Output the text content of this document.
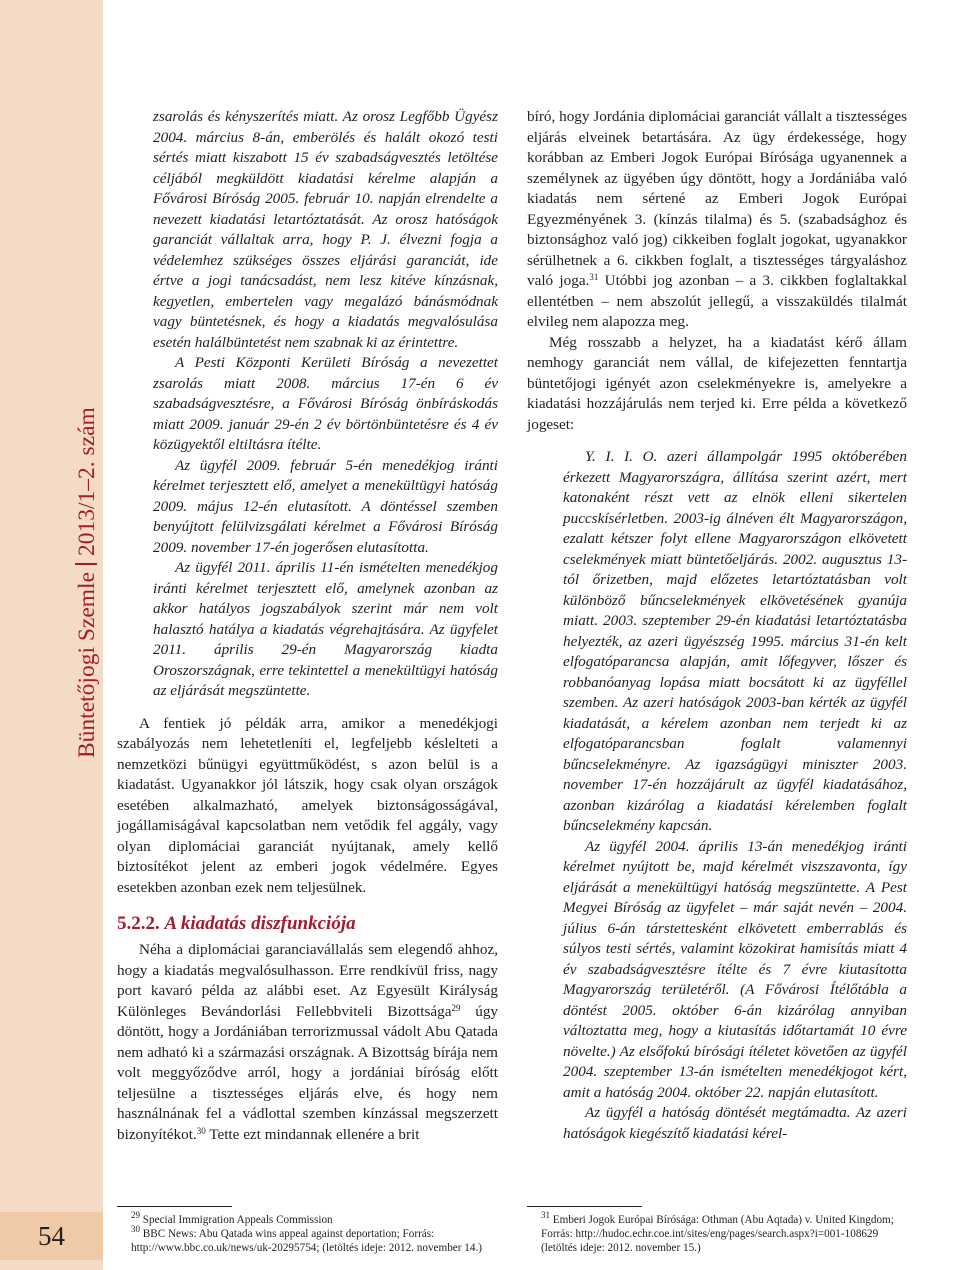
Büntetőjogi Szemle2013/1–2. szám
54

zsarolás és kényszerítés miatt. Az orosz Legfőbb Ügyész 2004. március 8-án, emberölés és halált okozó testi sértés miatt kiszabott 15 év szabadságvesztés letöltése céljából megküldött kiadatási kérelme alapján a Fővárosi Bíróság 2005. február 10. napján elrendelte a nevezett kiadatási letartóztatását. Az orosz hatóságok garanciát vállaltak arra, hogy P. J. élvezni fogja a védelemhez szükséges összes eljárási garanciát, ide értve a jogi tanácsadást, nem lesz kitéve kínzásnak, kegyetlen, embertelen vagy megalázó bánásmódnak vagy büntetésnek, és hogy a kiadatás megvalósulása esetén halálbüntetést nem szabnak ki az érintettre.

A Pesti Központi Kerületi Bíróság a nevezettet zsarolás miatt 2008. március 17-én 6 év szabadságvesztésre, a Fővárosi Bíróság önbíráskodás miatt 2009. január 29-én 2 év börtönbüntetésre és 4 év közügyektől eltiltásra ítélte.

Az ügyfél 2009. február 5-én menedékjog iránti kérelmet terjesztett elő, amelyet a menekültügyi hatóság 2009. május 12-én elutasított. A döntéssel szemben benyújtott felülvizsgálati kérelmet a Fővárosi Bíróság 2009. november 17-én jogerősen elutasította.

Az ügyfél 2011. április 11-én ismételten menedékjog iránti kérelmet terjesztett elő, amelynek azonban az akkor hatályos jogszabályok szerint már nem volt halasztó hatálya a kiadatás végrehajtására. Az ügyfelet 2011. április 29-én Magyarország kiadta Oroszországnak, erre tekintettel a menekültügyi hatóság az eljárását megszüntette.

A fentiek jó példák arra, amikor a menedékjogi szabályozás nem lehetetleníti el, legfeljebb késlelteti a nemzetközi bűnügyi együttműködést, s azon belül is a kiadatást. Ugyanakkor jól látszik, hogy csak olyan országok esetében alkalmazható, amelyek biztonságosságával, jogállamiságával kapcsolatban nem vetődik fel aggály, vagy olyan diplomáciai garanciát nyújtanak, amely kellő biztosítékot jelent az emberi jogok védelmére. Egyes esetekben azonban ezek nem teljesülnek.

5.2.2. A kiadatás diszfunkciója

Néha a diplomáciai garanciavállalás sem elegendő ahhoz, hogy a kiadatás megvalósulhasson. Erre rendkívül friss, nagy port kavaró példa az alábbi eset. Az Egyesült Királyság Különleges Bevándorlási Fellebbviteli Bizottsága$^{29}$ úgy döntött, hogy a Jordániában terrorizmussal vádolt Abu Qatada nem adható ki a származási országnak. A Bizottság bírája nem volt meggyőződve arról, hogy a jordániai bíróság előtt teljesülne a tisztességes eljárás elve, és hogy nem használnának fel a vádlottal szemben kínzással megszerzett bizonyítékot.$^{30}$ Tette ezt mindannak ellenére a brit

bíró, hogy Jordánia diplomáciai garanciát vállalt a tisztességes eljárás elveinek betartására. Az ügy érdekessége, hogy korábban az Emberi Jogok Európai Bírósága ugyanennek a személynek az ügyében úgy döntött, hogy a Jordániába való kiadatás nem sértené az Emberi Jogok Európai Egyezményének 3. (kínzás tilalma) és 5. (szabadsághoz és biztonsághoz való jog) cikkeiben foglalt jogokat, ugyanakkor sérülhetnek a 6. cikkben foglalt, a tisztességes tárgyaláshoz való joga.$^{31}$ Utóbbi jog azonban – a 3. cikkben foglaltakkal ellentétben – nem abszolút jellegű, a visszaküldés tilalmát elvileg nem alapozza meg.

Még rosszabb a helyzet, ha a kiadatást kérő állam nemhogy garanciát nem vállal, de kifejezetten fenntartja büntetőjogi igényét azon cselekményekre is, amelyekre a kiadatási hozzájárulás nem terjed ki. Erre példa a következő jogeset:

Y. I. I. O. azeri állampolgár 1995 októberében érkezett Magyarországra, állítása szerint azért, mert katonaként részt vett az elnök elleni sikertelen puccskísérletben. 2003-ig álnéven élt Magyarországon, ezalatt kétszer folyt ellene Magyarországon elkövetett cselekmények miatt büntetőeljárás. 2002. augusztus 13-tól őrizetben, majd előzetes letartóztatásban volt különböző bűncselekmények elkövetésének gyanúja miatt. 2003. szeptember 29-én kiadatási letartóztatásba helyezték, az azeri ügyészség 1995. március 31-én kelt elfogatóparancsa alapján, amit lőfegyver, lőszer és robbanóanyag lopása miatt bocsátott ki az ügyféllel szemben. Az azeri hatóságok 2003-ban kérték az ügyfél kiadatását, a kérelem azonban nem terjedt ki az elfogatóparancsban foglalt valamennyi bűncselekményre. Az igazságügyi miniszter 2003. november 17-én hozzájárult az ügyfél kiadatásához, azonban kizárólag a kiadatási kérelemben foglalt bűncselekmény kapcsán.

Az ügyfél 2004. április 13-án menedékjog iránti kérelmet nyújtott be, majd kérelmét viszszavonta, így eljárását a menekültügyi hatóság megszüntette. A Pest Megyei Bíróság az ügyfelet – már saját nevén – 2004. július 6-án társtettesként elkövetett emberrablás és súlyos testi sértés, valamint közokirat hamisítás miatt 4 év szabadságvesztésre ítélte és 7 évre kiutasította Magyarország területéről. (A Fővárosi Ítélőtábla a döntést 2005. október 6-án kizárólag annyiban változtatta meg, hogy a kiutasítás időtartamát 10 évre növelte.) Az elsőfokú bírósági ítéletet követően az ügyfél 2004. szeptember 13-án ismételten menedékjogot kért, amit a hatóság 2004. október 22. napján elutasított.

Az ügyfél a hatóság döntését megtámadta. Az azeri hatóságok kiegészítő kiadatási kérel-

$^{29}$ Special Immigration Appeals Commission

$^{30}$ BBC News: Abu Qatada wins appeal against deportation; Forrás: http://www.bbc.co.uk/news/uk-20295754; (letöltés ideje: 2012. november 14.)

$^{31}$ Emberi Jogok Európai Bírósága: Othman (Abu Aqtada) v. United Kingdom; Forrás: http://hudoc.echr.coe.int/sites/eng/pages/search.aspx?i=001-108629 (letöltés ideje: 2012. november 15.)
